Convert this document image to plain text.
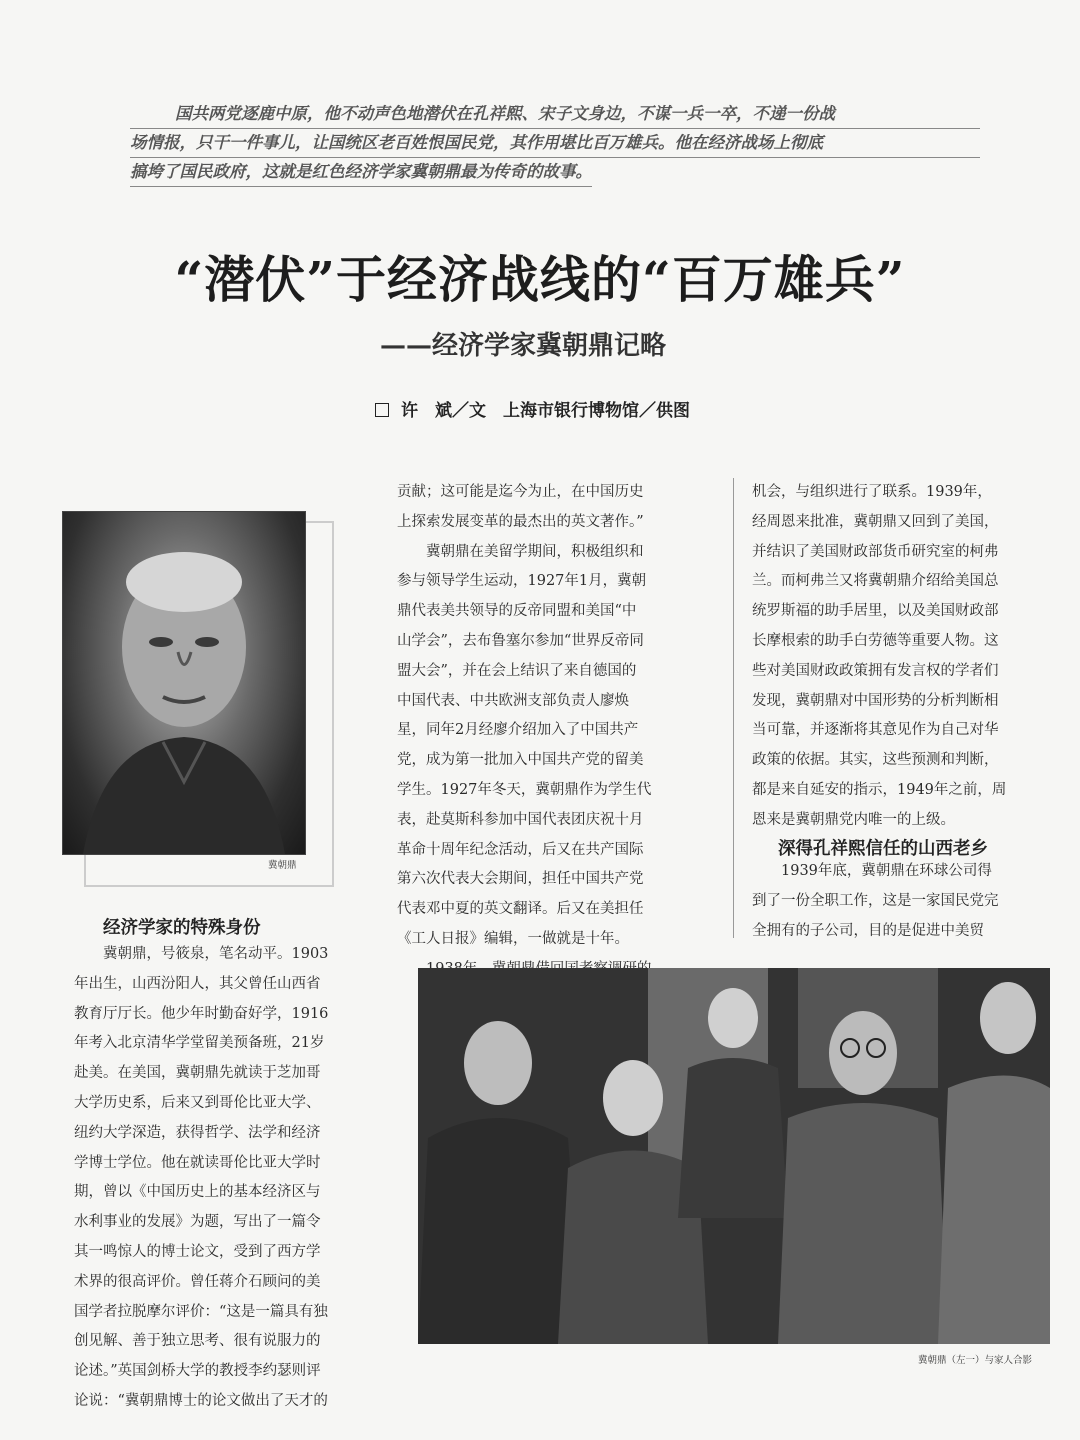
国共两党逐鹿中原，他不动声色地潜伏在孔祥熙、宋子文身边，不谋一兵一卒，不递一份战
场情报，只干一件事儿，让国统区老百姓恨国民党，其作用堪比百万雄兵。他在经济战场上彻底
搞垮了国民政府，这就是红色经济学家冀朝鼎最为传奇的故事。
“潜伏”于经济战线的“百万雄兵”
——经济学家冀朝鼎记略
许　斌／文　上海市银行博物馆／供图
冀朝鼎
经济学家的特殊身份

冀朝鼎，号筱泉，笔名动平。1903

年出生，山西汾阳人，其父曾任山西省

教育厅厅长。他少年时勤奋好学，1916

年考入北京清华学堂留美预备班，21岁

赴美。在美国，冀朝鼎先就读于芝加哥

大学历史系，后来又到哥伦比亚大学、

纽约大学深造，获得哲学、法学和经济

学博士学位。他在就读哥伦比亚大学时

期，曾以《中国历史上的基本经济区与

水利事业的发展》为题，写出了一篇令

其一鸣惊人的博士论文，受到了西方学

术界的很高评价。曾任蒋介石顾问的美

国学者拉脱摩尔评价：“这是一篇具有独

创见解、善于独立思考、很有说服力的

论述。”英国剑桥大学的教授李约瑟则评

论说：“冀朝鼎博士的论文做出了天才的

贡献；这可能是迄今为止，在中国历史

上探索发展变革的最杰出的英文著作。”

冀朝鼎在美留学期间，积极组织和

参与领导学生运动，1927年1月，冀朝

鼎代表美共领导的反帝同盟和美国“中

山学会”，去布鲁塞尔参加“世界反帝同

盟大会”，并在会上结识了来自德国的

中国代表、中共欧洲支部负责人廖焕

星，同年2月经廖介绍加入了中国共产

党，成为第一批加入中国共产党的留美

学生。1927年冬天，冀朝鼎作为学生代

表，赴莫斯科参加中国代表团庆祝十月

革命十周年纪念活动，后又在共产国际

第六次代表大会期间，担任中国共产党

代表邓中夏的英文翻译。后又在美担任

《工人日报》编辑，一做就是十年。

机会，与组织进行了联系。1939年，

经周恩来批准，冀朝鼎又回到了美国，

并结识了美国财政部货币研究室的柯弗

兰。而柯弗兰又将冀朝鼎介绍给美国总

统罗斯福的助手居里，以及美国财政部

长摩根索的助手白劳德等重要人物。这

些对美国财政政策拥有发言权的学者们

发现，冀朝鼎对中国形势的分析判断相

当可靠，并逐渐将其意见作为自己对华

政策的依据。其实，这些预测和判断，

都是来自延安的指示，1949年之前，周

恩来是冀朝鼎党内唯一的上级。

深得孔祥熙信任的山西老乡

1939年底，冀朝鼎在环球公司得

到了一份全职工作，这是一家国民党完

全拥有的子公司，目的是促进中美贸

冀朝鼎（左一）与家人合影
